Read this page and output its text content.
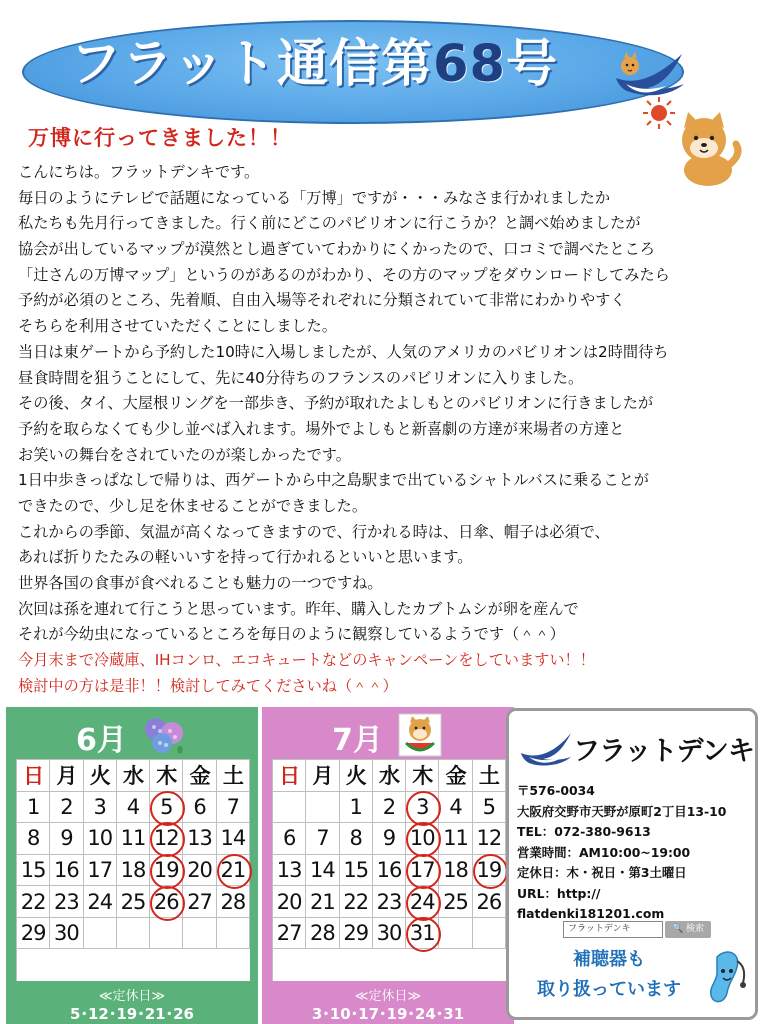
フラット通信第68号
万博に行ってきました！！

こんにちは。フラットデンキです。

毎日のようにテレビで話題になっている「万博」ですが・・・みなさま行かれましたか

私たちも先月行ってきました。行く前にどこのパビリオンに行こうか？と調べ始めましたが

協会が出しているマップが漠然とし過ぎていてわかりにくかったので、口コミで調べたところ

「辻さんの万博マップ」というのがあるのがわかり、その方のマップをダウンロードしてみたら

予約が必須のところ、先着順、自由入場等それぞれに分類されていて非常にわかりやすく

そちらを利用させていただくことにしました。

当日は東ゲートから予約した10時に入場しましたが、人気のアメリカのパビリオンは2時間待ち

昼食時間を狙うことにして、先に40分待ちのフランスのパビリオンに入りました。

その後、タイ、大屋根リングを一部歩き、予約が取れたよしもとのパビリオンに行きましたが

予約を取らなくても少し並べば入れます。場外でよしもと新喜劇の方達が来場者の方達と

お笑いの舞台をされていたのが楽しかったです。

1日中歩きっぱなしで帰りは、西ゲートから中之島駅まで出ているシャトルバスに乗ることが

できたので、少し足を休ませることができました。

これからの季節、気温が高くなってきますので、行かれる時は、日傘、帽子は必須で、

あれば折りたたみの軽いいすを持って行かれるといいと思います。

世界各国の食事が食べれることも魅力の一つですね。

次回は孫を連れて行こうと思っています。昨年、購入したカブトムシが卵を産んで

それが今幼虫になっているところを毎日のように観察しているようです（＾＾）

今月末まで冷蔵庫、IHコンロ、エコキュートなどのキャンペーンをしていますい！！

検討中の方は是非！！検討してみてくださいね（＾＾）

6月
日 月 火 水 木 金 土
1 2 3 4 5 6 7
8 9 10 11 12 13 14
15 16 17 18 19 20 21
22 23 24 25 26 27 28
29 30
≪定休日≫
5･12･19･21･26
7月
日 月 火 水 木 金 土
1 2 3 4 5
6 7 8 9 10 11 12
13 14 15 16 17 18 19
20 21 22 23 24 25 26
27 28 29 30 31
≪定休日≫
3･10･17･19･24･31
フラットデンキ

〒576-0034

大阪府交野市天野が原町2丁目13-10

TEL：072-380-9613

営業時間：AM10:00~19:00

定休日：木・祝日・第3土曜日

URL：http://

flatdenki181201.com

フラットデンキ	🔍 検索

補聴器も

取り扱っています
